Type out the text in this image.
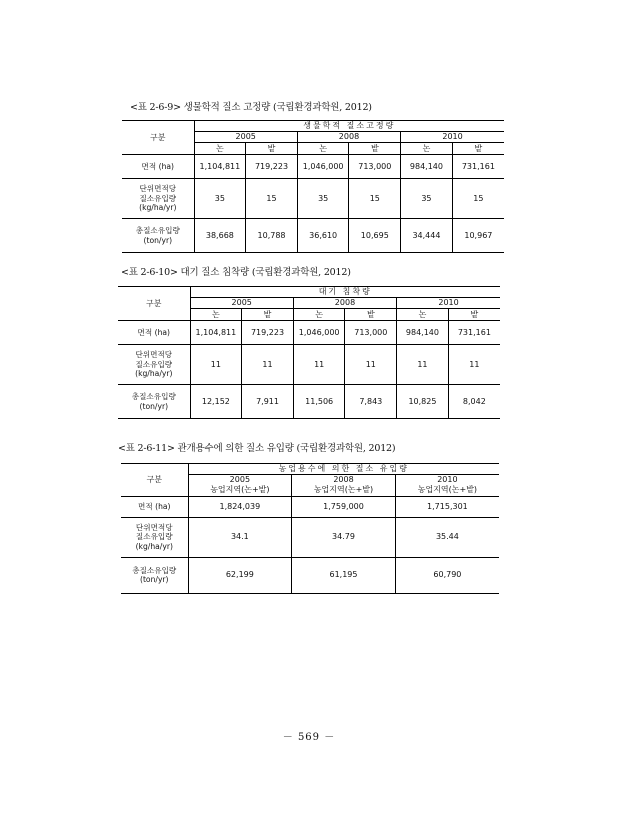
<표 2-6-9> 생물학적 질소 고정량 (국립환경과학원, 2012)
구분	생물학적 질소고정량					
	2005		2008		2010	
	논	밭	논	밭	논	밭
면적 (ha)	1,104,811	719,223	1,046,000	713,000	984,140	731,161

단위면적당
질소유입량
(kg/ha/yr)	35	15	35	15	35	15

총질소유입량
(ton/yr)	38,668	10,788	36,610	10,695	34,444	10,967
<표 2-6-10> 대기 질소 침착량 (국립환경과학원, 2012)
구분	대기 침착량					
	2005		2008		2010	
	논	밭	논	밭	논	밭
면적 (ha)	1,104,811	719,223	1,046,000	713,000	984,140	731,161

단위면적당
질소유입량
(kg/ha/yr)	11	11	11	11	11	11

총질소유입량
(ton/yr)	12,152	7,911	11,506	7,843	10,825	8,042
<표 2-6-11> 관개용수에 의한 질소 유입량 (국립환경과학원, 2012)
구분	농업용수에 의한 질소 유입량		
	2005	2008	2010
	농업지역(논+밭)	농업지역(논+밭)	농업지역(논+밭)
면적 (ha)	1,824,039	1,759,000	1,715,301

단위면적당
질소유입량
(kg/ha/yr)	34.1	34.79	35.44

총질소유입량
(ton/yr)	62,199	61,195	60,790
－ 569 －
